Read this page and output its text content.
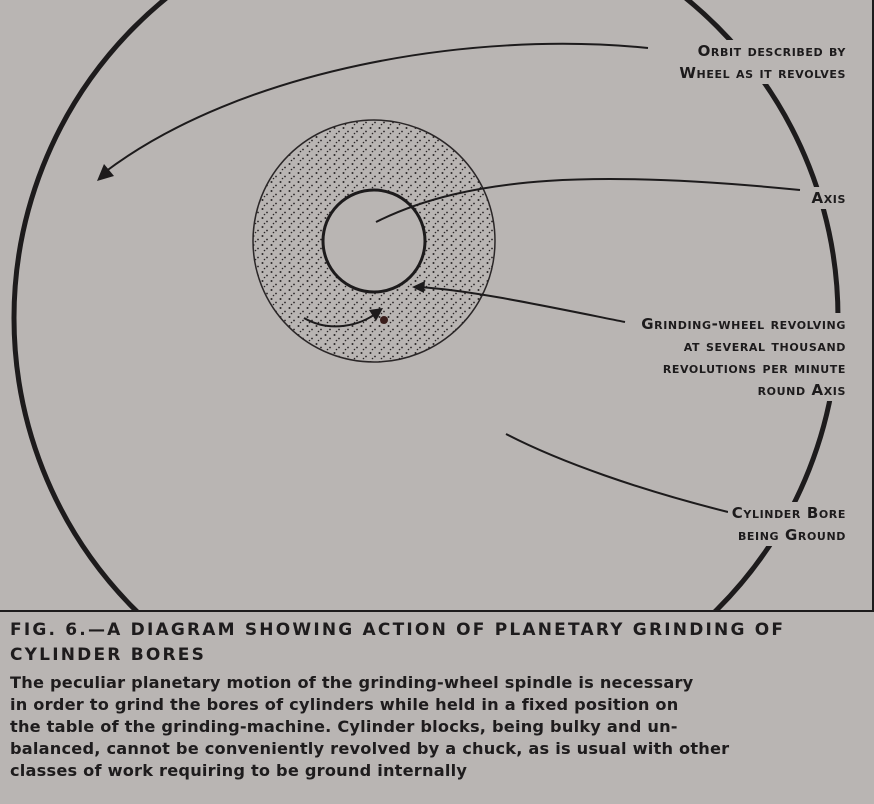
Orbit described by
Wheel as it revolves
Axis
Grinding-wheel revolving
at several thousand
revolutions per minute
round Axis
Cylinder Bore
being Ground

FIG. 6.—A DIAGRAM SHOWING ACTION OF PLANETARY GRINDING OF
CYLINDER BORES

The peculiar planetary motion of the grinding-wheel spindle is necessary
in order to grind the bores of cylinders while held in a fixed position on
the table of the grinding-machine. Cylinder blocks, being bulky and un-
balanced, cannot be conveniently revolved by a chuck, as is usual with other
classes of work requiring to be ground internally
